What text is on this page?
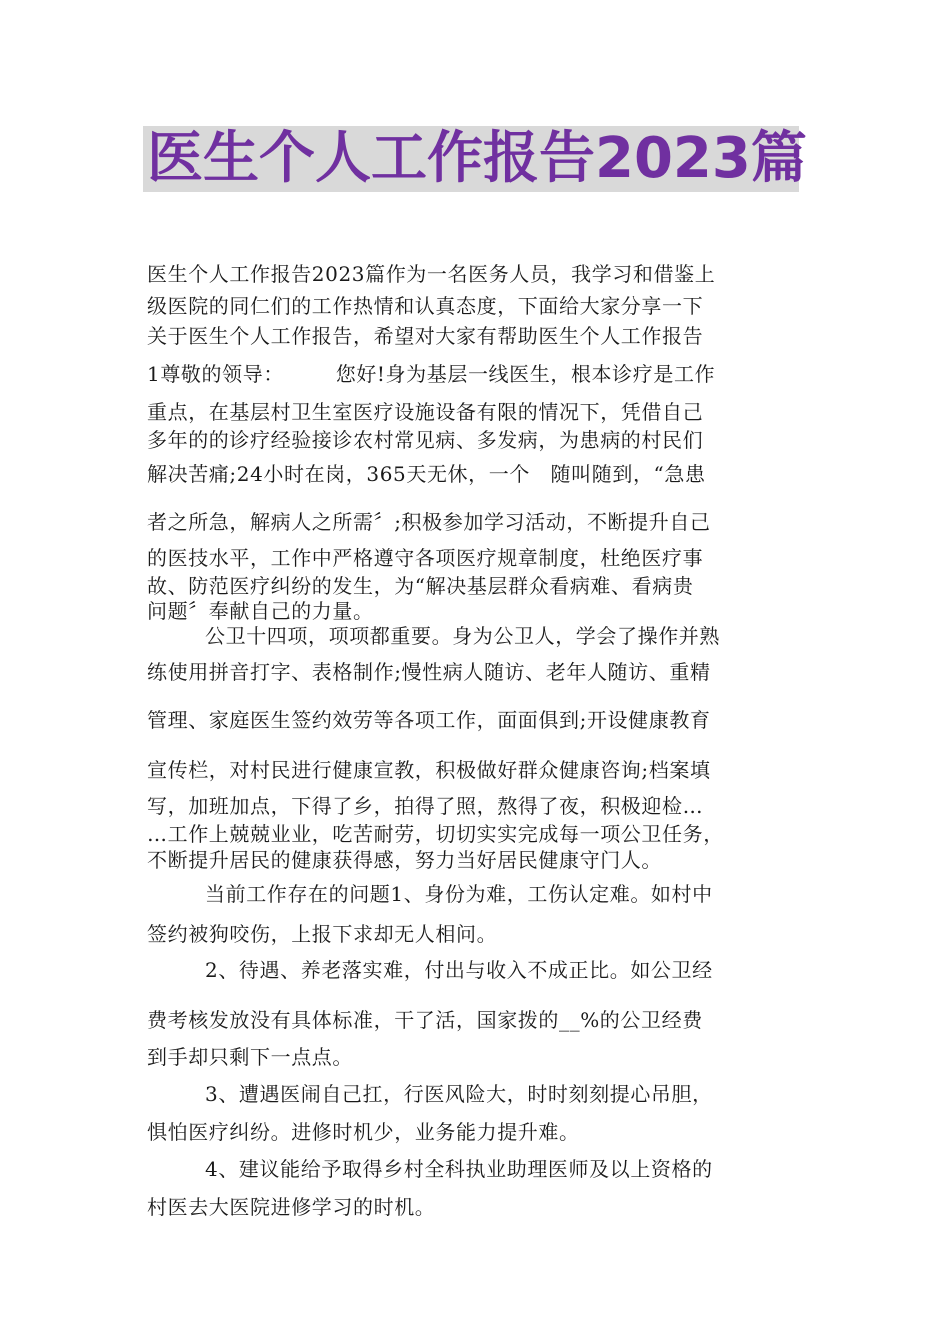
医生个人工作报告2023篇

医生个人工作报告2023篇作为一名医务人员，我学习和借鉴上

级医院的同仁们的工作热情和认真态度，下面给大家分享一下

关于医生个人工作报告，希望对大家有帮助医生个人工作报告

1尊敬的领导：　　　您好!身为基层一线医生，根本诊疗是工作

重点，在基层村卫生室医疗设施设备有限的情况下，凭借自己

多年的的诊疗经验接诊农村常见病、多发病，为患病的村民们

解决苦痛;24小时在岗，365天无休，一个　随叫随到，“急患

者之所急，解病人之所需〞;积极参加学习活动，不断提升自己

的医技水平，工作中严格遵守各项医疗规章制度，杜绝医疗事

故、防范医疗纠纷的发生，为“解决基层群众看病难、看病贵

问题〞奉献自己的力量。

公卫十四项，项项都重要。身为公卫人，学会了操作并熟

练使用拼音打字、表格制作;慢性病人随访、老年人随访、重精

管理、家庭医生签约效劳等各项工作，面面俱到;开设健康教育

宣传栏，对村民进行健康宣教，积极做好群众健康咨询;档案填

写，加班加点，下得了乡，拍得了照，熬得了夜，积极迎检…

…工作上兢兢业业，吃苦耐劳，切切实实完成每一项公卫任务，

不断提升居民的健康获得感，努力当好居民健康守门人。

当前工作存在的问题1、身份为难，工伤认定难。如村中

签约被狗咬伤，上报下求却无人相问。

2、待遇、养老落实难，付出与收入不成正比。如公卫经

费考核发放没有具体标准，干了活，国家拨的__%的公卫经费

到手却只剩下一点点。

3、遭遇医闹自己扛，行医风险大，时时刻刻提心吊胆，

惧怕医疗纠纷。进修时机少，业务能力提升难。

4、建议能给予取得乡村全科执业助理医师及以上资格的

村医去大医院进修学习的时机。
